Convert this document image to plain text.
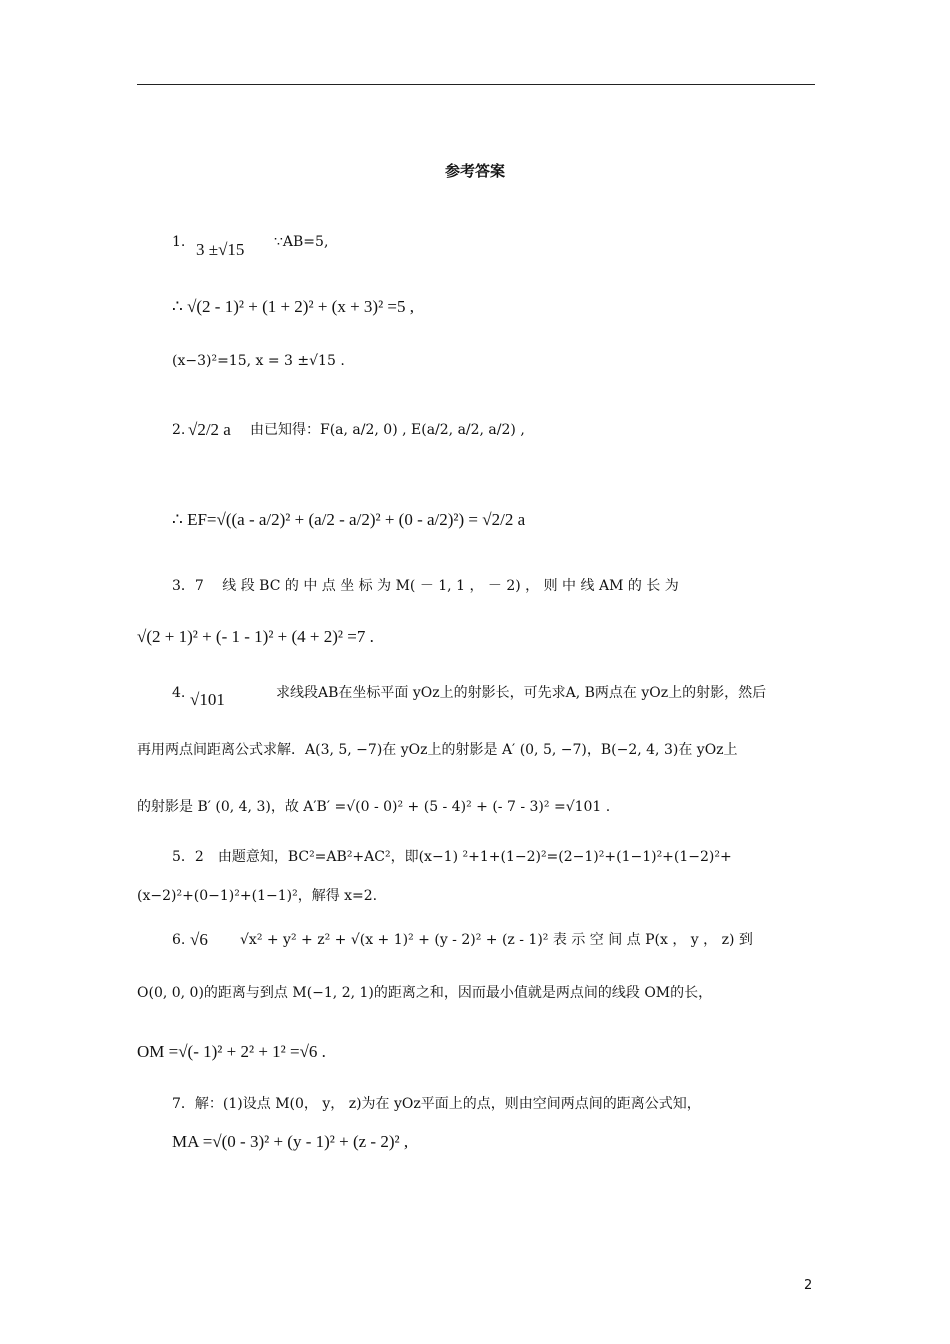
参考答案
1. 3 ±√15 ∵AB=5,
∴ √(2 - 1)² + (1 + 2)² + (x + 3)² =5 ,
(x−3)²=15, x = 3 ±√15 .
2. √2/2 a 由已知得：F(a, a/2, 0) , E(a/2, a/2, a/2) ,
∴ EF=√((a - a/2)² + (a/2 - a/2)² + (0 - a/2)²) = √2/2 a
3．7　 线 段 BC 的 中 点 坐 标 为 M( － 1, 1 ， － 2) ， 则 中 线 AM 的 长 为
√(2 + 1)² + (- 1 - 1)² + (4 + 2)² =7 .
4. √101	求线段AB在坐标平面 yOz上的射影长，可先求A, B两点在 yOz上的射影，然后
再用两点间距离公式求解．A(3, 5, −7)在 yOz上的射影是 A′ (0, 5, −7)，B(−2, 4, 3)在 yOz上
的射影是 B′ (0, 4, 3)，故 A′B′ =√(0 - 0)² + (5 - 4)² + (- 7 - 3)² =√101 .
5．2　由题意知，BC²=AB²+AC²，即(x−1) ²+1+(1−2)²=(2−1)²+(1−1)²+(1−2)²+
(x−2)²+(0−1)²+(1−1)²，解得 x=2.
6. √6 √x² + y² + z² + √(x + 1)² + (y - 2)² + (z - 1)² 表 示 空 间 点 P(x ， y ， z) 到
O(0, 0, 0)的距离与到点 M(−1, 2, 1)的距离之和，因而最小值就是两点间的线段 OM的长，
OM =√(- 1)² + 2² + 1² =√6 .
7．解：(1)设点 M(0， y， z)为在 yOz平面上的点，则由空间两点间的距离公式知，
MA =√(0 - 3)² + (y - 1)² + (z - 2)² ,
2
